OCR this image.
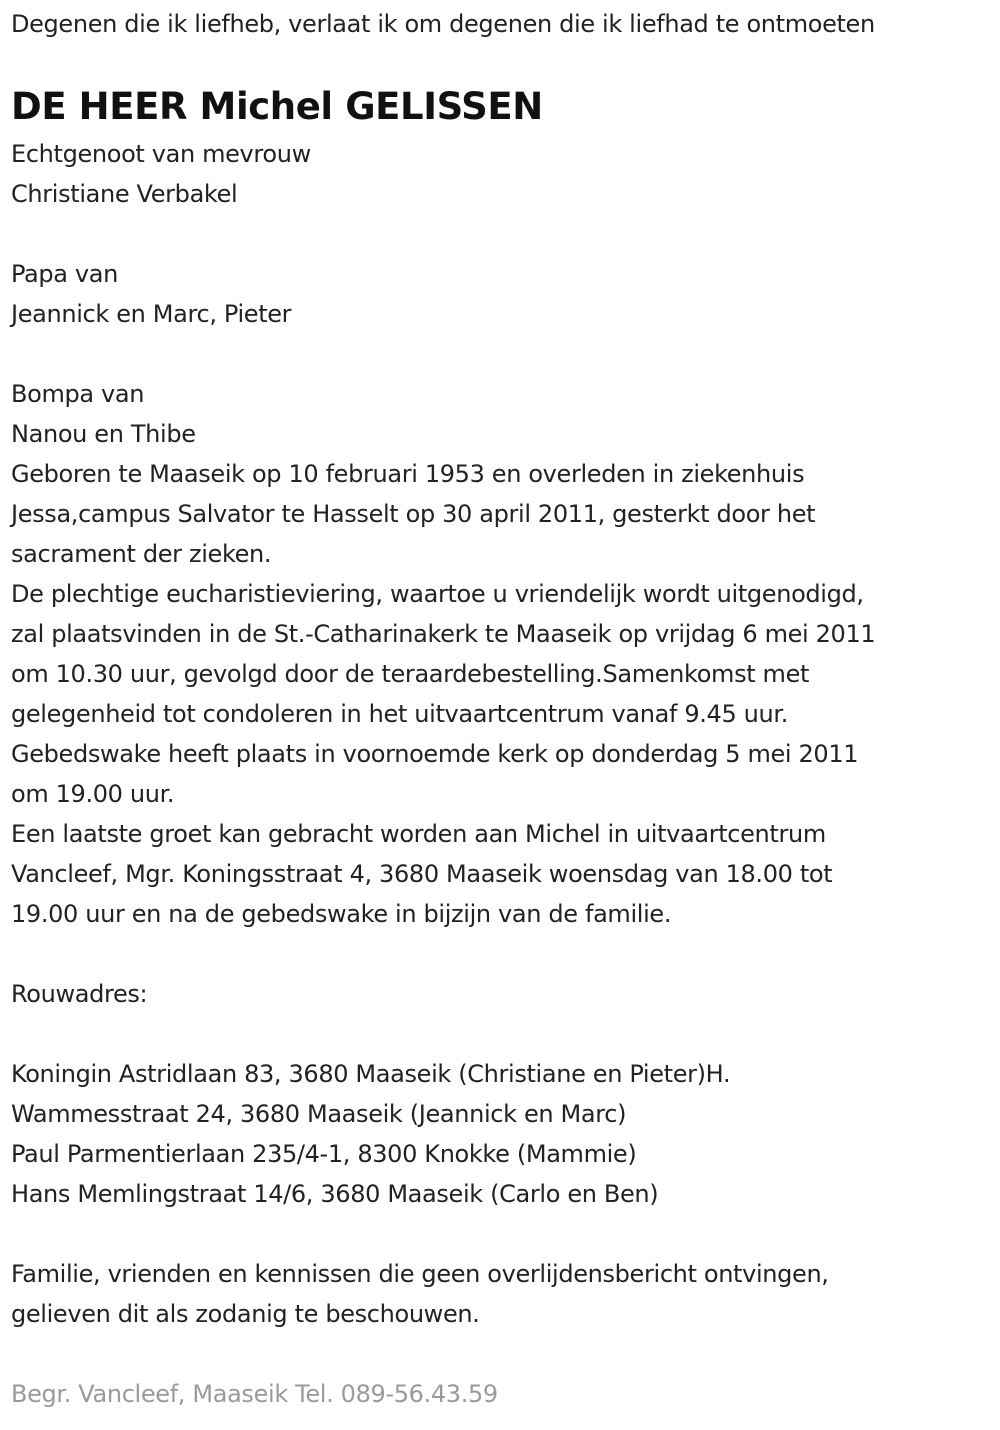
Degenen die ik liefheb, verlaat ik om degenen die ik liefhad te ontmoeten
DE HEER Michel GELISSEN
Echtgenoot van mevrouw
Christiane Verbakel
Papa van
Jeannick en Marc, Pieter
Bompa van
Nanou en Thibe
Geboren te Maaseik op 10 februari 1953 en overleden in ziekenhuis
Jessa,campus Salvator te Hasselt op 30 april 2011, gesterkt door het
sacrament der zieken.
De plechtige eucharistieviering, waartoe u vriendelijk wordt uitgenodigd,
zal plaatsvinden in de St.-Catharinakerk te Maaseik op vrijdag 6 mei 2011
om 10.30 uur, gevolgd door de teraardebestelling.Samenkomst met
gelegenheid tot condoleren in het uitvaartcentrum vanaf 9.45 uur.
Gebedswake heeft plaats in voornoemde kerk op donderdag 5 mei 2011
om 19.00 uur.
Een laatste groet kan gebracht worden aan Michel in uitvaartcentrum
Vancleef, Mgr. Koningsstraat 4, 3680 Maaseik woensdag van 18.00 tot
19.00 uur en na de gebedswake in bijzijn van de familie.
Rouwadres:
Koningin Astridlaan 83, 3680 Maaseik (Christiane en Pieter)H.
Wammesstraat 24, 3680 Maaseik (Jeannick en Marc)
Paul Parmentierlaan 235/4-1, 8300 Knokke (Mammie)
Hans Memlingstraat 14/6, 3680 Maaseik (Carlo en Ben)
Familie, vrienden en kennissen die geen overlijdensbericht ontvingen,
gelieven dit als zodanig te beschouwen.
Begr. Vancleef, Maaseik Tel. 089-56.43.59
